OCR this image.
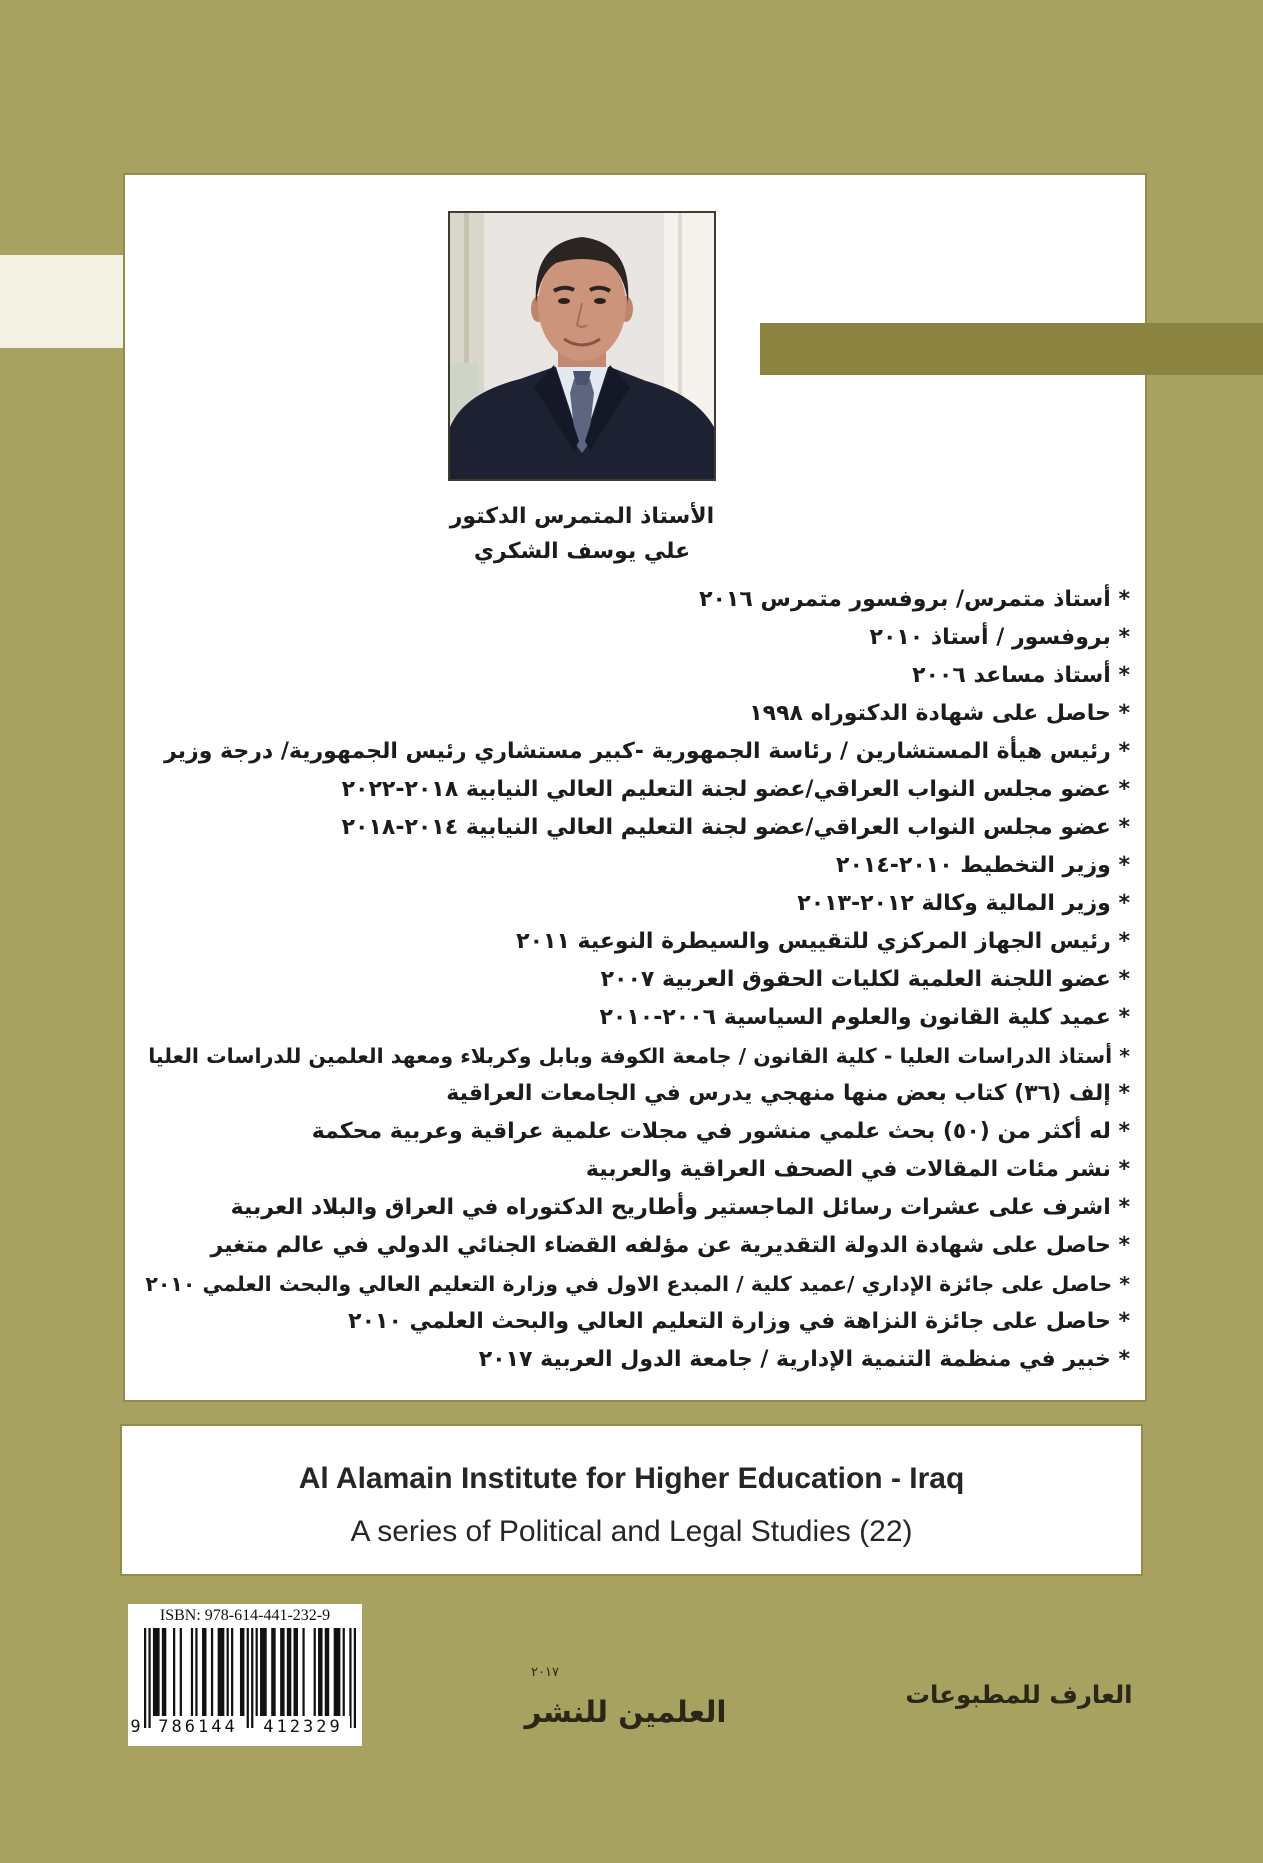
الأستاذ المتمرس الدكتور
علي يوسف الشكري
* أستاذ متمرس/ بروفسور متمرس ٢٠١٦
* بروفسور / أستاذ ٢٠١٠
* أستاذ مساعد ٢٠٠٦
* حاصل على شهادة الدكتوراه ١٩٩٨
* رئيس هيأة المستشارين / رئاسة الجمهورية -كبير مستشاري رئيس الجمهورية/ درجة وزير
* عضو مجلس النواب العراقي/عضو لجنة التعليم العالي النيابية ٢٠١٨-٢٠٢٢
* عضو مجلس النواب العراقي/عضو لجنة التعليم العالي النيابية ٢٠١٤-٢٠١٨
* وزير التخطيط ٢٠١٠-٢٠١٤
* وزير المالية وكالة ٢٠١٢-٢٠١٣
* رئيس الجهاز المركزي للتقييس والسيطرة النوعية ٢٠١١
* عضو اللجنة العلمية لكليات الحقوق العربية ٢٠٠٧
* عميد كلية القانون والعلوم السياسية ٢٠٠٦-٢٠١٠
* أستاذ الدراسات العليا - كلية القانون / جامعة الكوفة وبابل وكربلاء ومعهد العلمين للدراسات العليا
* إلف (٣٦) كتاب بعض منها منهجي يدرس في الجامعات العراقية
* له أكثر من (٥٠) بحث علمي منشور في مجلات علمية عراقية وعربية محكمة
* نشر مئات المقالات في الصحف العراقية والعربية
* اشرف على عشرات رسائل الماجستير وأطاريح الدكتوراه في العراق والبلاد العربية
* حاصل على شهادة الدولة التقديرية عن مؤلفه القضاء الجنائي الدولي في عالم متغير
* حاصل على جائزة الإداري /عميد كلية / المبدع الاول في وزارة التعليم العالي والبحث العلمي ٢٠١٠
* حاصل على جائزة النزاهة في وزارة التعليم العالي والبحث العلمي ٢٠١٠
* خبير في منظمة التنمية الإدارية / جامعة الدول العربية ٢٠١٧
Al Alamain Institute for Higher Education - Iraq
A series of Political and Legal Studies (22)
ISBN: 978-614-441-232-9
9	786144	412329
٢٠١٧
العلمين للنشر
العارف للمطبوعات
